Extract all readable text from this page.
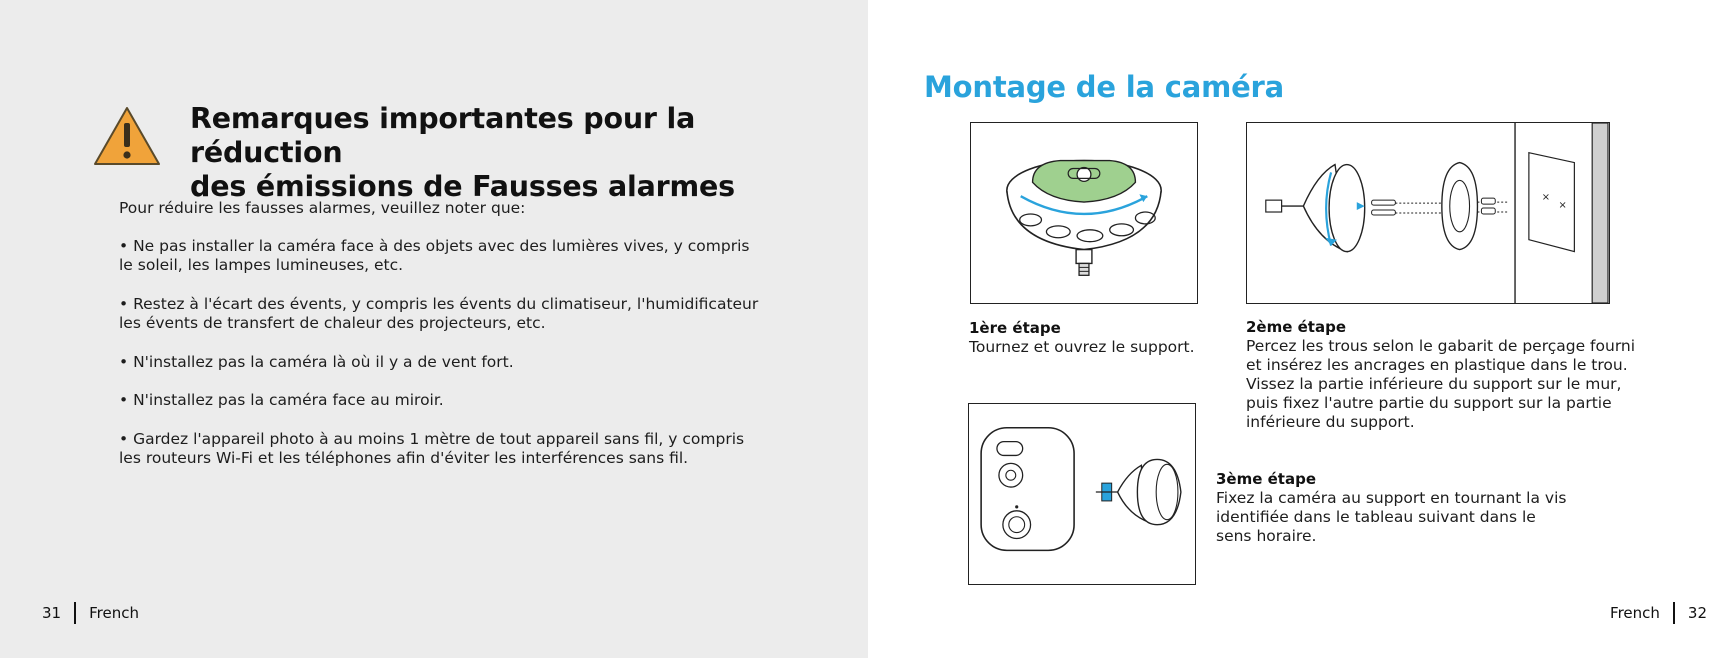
Remarques importantes pour la réduction
des émissions de Fausses alarmes

Pour réduire les fausses alarmes, veuillez noter que:

• Ne pas installer la caméra face à des objets avec des lumières vives, y compris le soleil, les lampes lumineuses, etc.

• Restez à l'écart des évents, y compris les évents du climatiseur, l'humidificateur les évents de transfert de chaleur des projecteurs, etc.

• N'installez pas la caméra là où il y a de vent fort.

• N'installez pas la caméra face au miroir.

• Gardez l'appareil photo à au moins 1 mètre de tout appareil sans fil, y compris les routeurs Wi-Fi et les téléphones afin d'éviter les interférences sans fil.

31 French
Montage de la caméra
1ère étape
Tournez et ouvrez le support.
×
×
2ème étape
Percez les trous selon le gabarit de perçage fourni et insérez les ancrages en plastique dans le trou. Vissez la partie inférieure du support sur le mur, puis fixez l'autre partie du support sur la partie inférieure du support.
3ème étape
Fixez la caméra au support en tournant la vis identifiée dans le tableau suivant dans le sens horaire.
French 32
